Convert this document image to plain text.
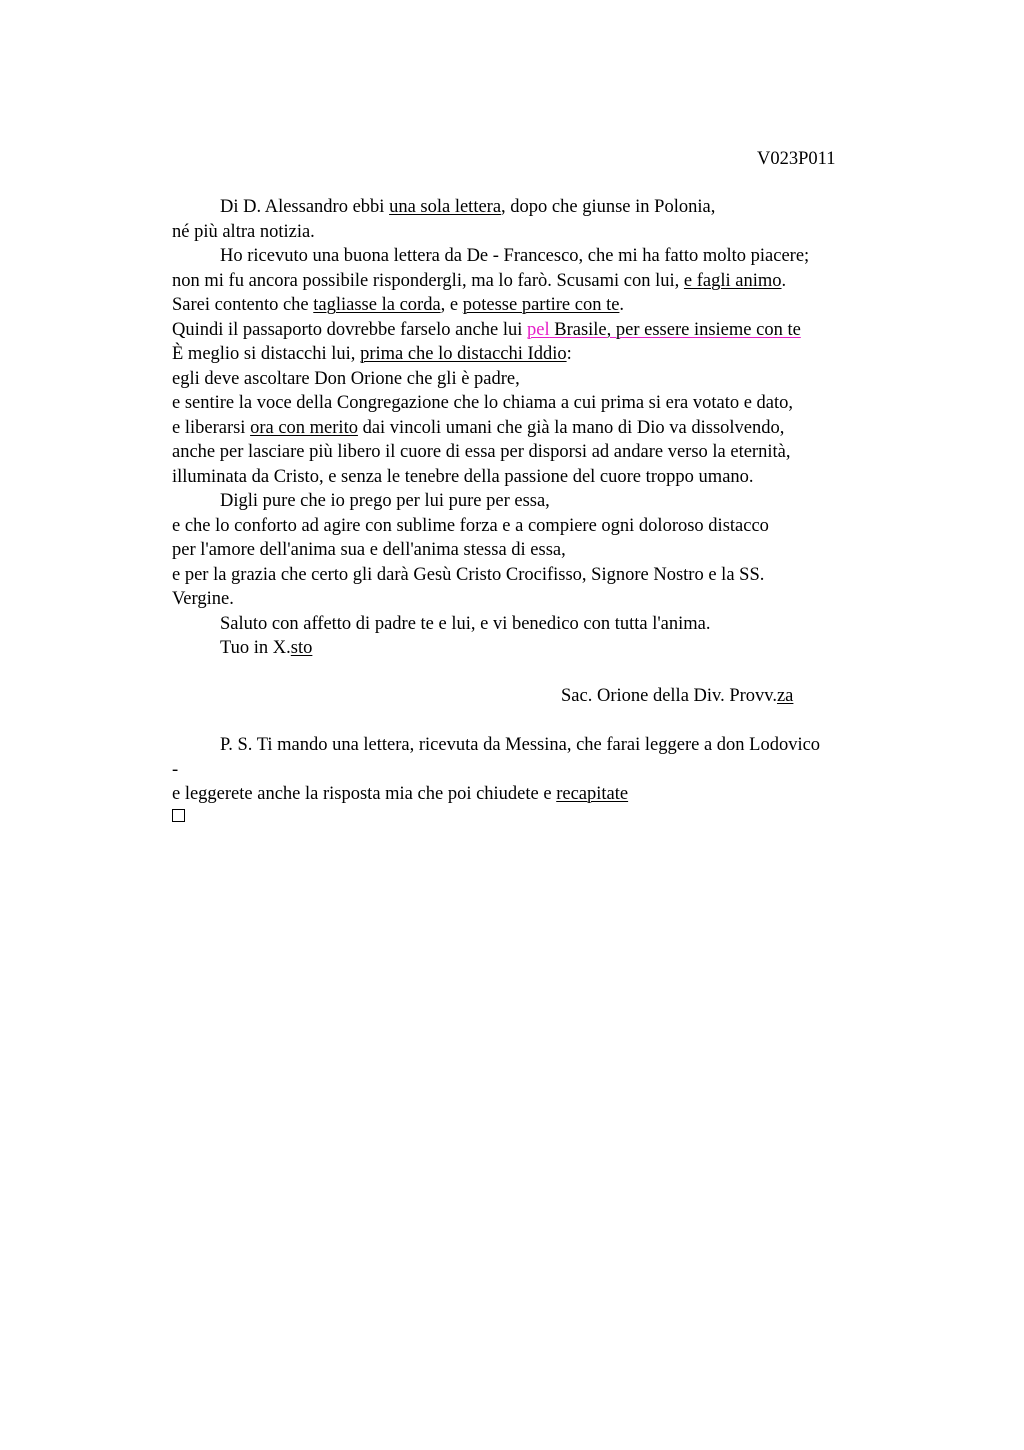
V023P011
Di D. Alessandro ebbi una sola lettera, dopo che giunse in Polonia,
né più altra notizia.
Ho ricevuto una buona lettera da De - Francesco, che mi ha fatto molto piacere;
non mi fu ancora possibile rispondergli, ma lo farò. Scusami con lui, e fagli animo.
Sarei contento che tagliasse la corda, e potesse partire con te.
Quindi il passaporto dovrebbe farselo anche lui pel Brasile, per essere insieme con te
È meglio si distacchi lui, prima che lo distacchi Iddio:
egli deve ascoltare Don Orione che gli è padre,
e sentire la voce della Congregazione che lo chiama a cui prima si era votato e dato,
e liberarsi ora con merito dai vincoli umani che già la mano di Dio va dissolvendo,
anche per lasciare più libero il cuore di essa per disporsi ad andare verso la eternità,
illuminata da Cristo, e senza le tenebre della passione del cuore troppo umano.
Digli pure che io prego per lui pure per essa,
e che lo conforto ad agire con sublime forza e a compiere ogni doloroso distacco
per l'amore dell'anima sua e dell'anima stessa di essa,
e per la grazia che certo gli darà Gesù Cristo Crocifisso, Signore Nostro e la SS.
Vergine.
Saluto con affetto di padre te e lui, e vi benedico con tutta l'anima.
Tuo in X.sto
Sac. Orione della Div. Provv.za
P. S. Ti mando una lettera, ricevuta da Messina, che farai leggere a don Lodovico
-
e leggerete anche la risposta mia che poi chiudete e recapitate
